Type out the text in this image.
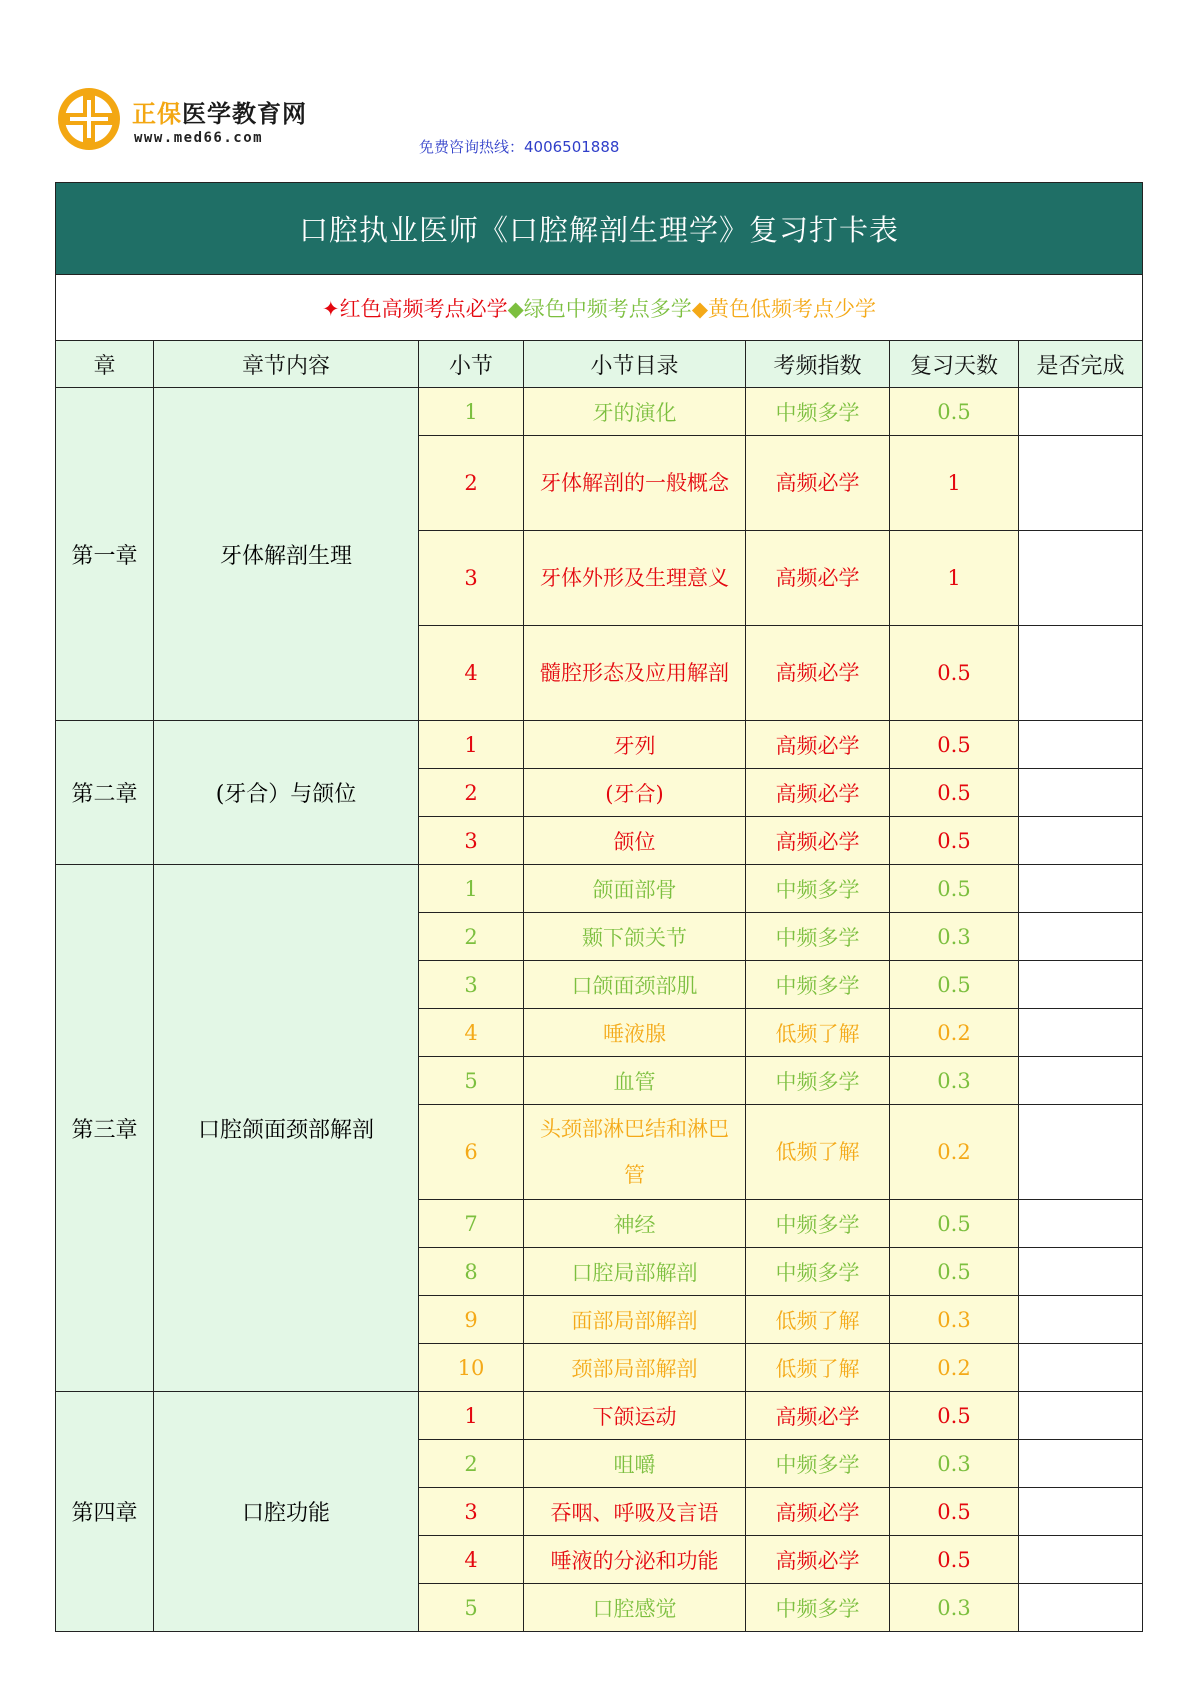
正保医学教育网
www.med66.com	免费咨询热线：4006501888
口腔执业医师《口腔解剖生理学》复习打卡表						
✦红色高频考点必学◆绿色中频考点多学◆黄色低频考点少学						
章	章节内容	小节	小节目录	考频指数	复习天数	是否完成
第一章	牙体解剖生理	1	牙的演化	中频多学	0.5	
		2	牙体解剖的一般概念	高频必学	1	
		3	牙体外形及生理意义	高频必学	1	
		4	髓腔形态及应用解剖	高频必学	0.5	
第二章	(牙合）与颌位	1	牙列	高频必学	0.5	
		2	(牙合)	高频必学	0.5	
		3	颌位	高频必学	0.5	
第三章	口腔颌面颈部解剖	1	颌面部骨	中频多学	0.5	
		2	颞下颌关节	中频多学	0.3	
		3	口颌面颈部肌	中频多学	0.5	
		4	唾液腺	低频了解	0.2	
		5	血管	中频多学	0.3	
		6	头颈部淋巴结和淋巴管	低频了解	0.2	
		7	神经	中频多学	0.5	
		8	口腔局部解剖	中频多学	0.5	
		9	面部局部解剖	低频了解	0.3	
		10	颈部局部解剖	低频了解	0.2	
第四章	口腔功能	1	下颌运动	高频必学	0.5	
		2	咀嚼	中频多学	0.3	
		3	吞咽、呼吸及言语	高频必学	0.5	
		4	唾液的分泌和功能	高频必学	0.5	
		5	口腔感觉	中频多学	0.3	
